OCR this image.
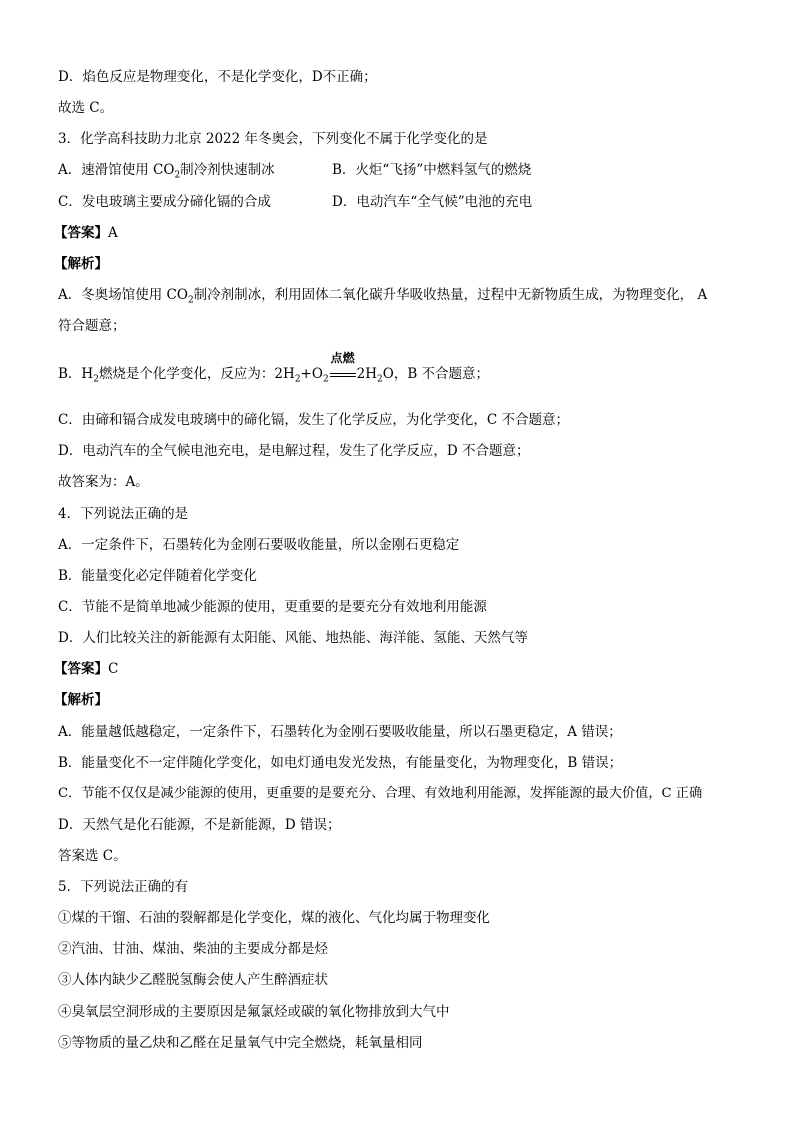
D．焰色反应是物理变化，不是化学变化，D不正确；
故选 C。
3．化学高科技助力北京 2022 年冬奥会，下列变化不属于化学变化的是
A．速滑馆使用 $CO_2$制冷剂快速制冰	B．火炬“飞扬”中燃料氢气的燃烧
C．发电玻璃主要成分碲化镉的合成	D．电动汽车“全气候”电池的充电
【答案】A
【解析】
A．冬奥场馆使用 $CO_2$制冷剂制冰，利用固体二氧化碳升华吸收热量，过程中无新物质生成，为物理变化， A
符合题意；
B．$H_2$燃烧是个化学变化，反应为：$2H_2+O_2$
点燃
$2H_2O$，B 不合题意；
C．由碲和镉合成发电玻璃中的碲化镉，发生了化学反应，为化学变化，C 不合题意；
D．电动汽车的全气候电池充电，是电解过程，发生了化学反应，D 不合题意；
故答案为：A。
4．下列说法正确的是
A．一定条件下，石墨转化为金刚石要吸收能量，所以金刚石更稳定
B．能量变化必定伴随着化学变化
C．节能不是简单地减少能源的使用，更重要的是要充分有效地利用能源
D．人们比较关注的新能源有太阳能、风能、地热能、海洋能、氢能、天然气等
【答案】C
【解析】
A．能量越低越稳定，一定条件下，石墨转化为金刚石要吸收能量，所以石墨更稳定，A 错误；
B．能量变化不一定伴随化学变化，如电灯通电发光发热，有能量变化，为物理变化，B 错误；
C．节能不仅仅是减少能源的使用，更重要的是要充分、合理、有效地利用能源，发挥能源的最大价值，C 正确
D．天然气是化石能源，不是新能源，D 错误；
答案选 C。
5．下列说法正确的有
①煤的干馏、石油的裂解都是化学变化，煤的液化、气化均属于物理变化
②汽油、甘油、煤油、柴油的主要成分都是烃
③人体内缺少乙醛脱氢酶会使人产生醉酒症状
④臭氧层空洞形成的主要原因是氟氯烃或碳的氧化物排放到大气中
⑤等物质的量乙炔和乙醛在足量氧气中完全燃烧，耗氧量相同
